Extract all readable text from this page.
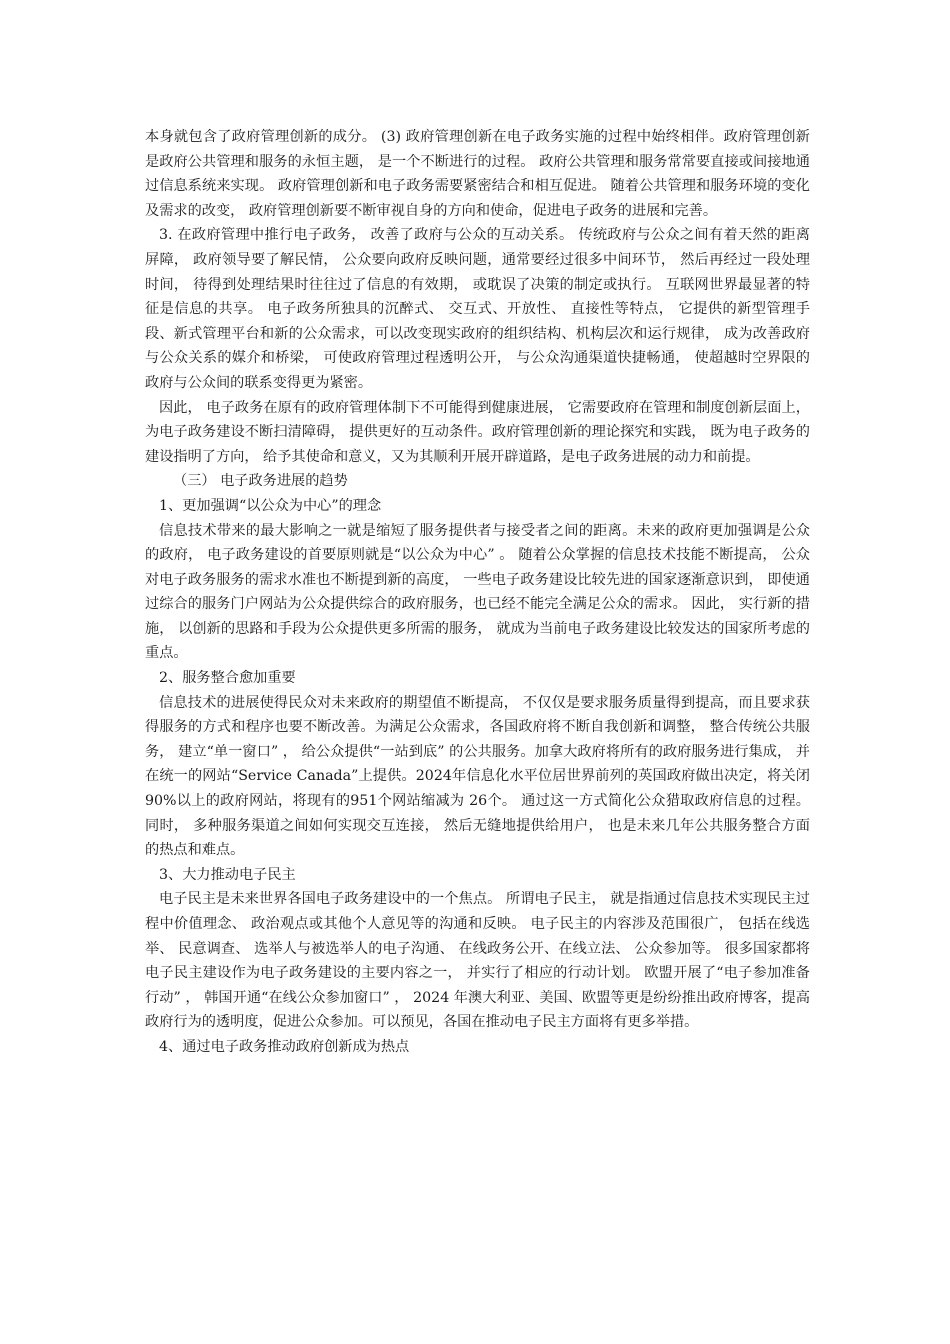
本身就包含了政府管理创新的成分。 (3) 政府管理创新在电子政务实施的过程中始终相伴。政府管理创新是政府公共管理和服务的永恒主题， 是一个不断进行的过程。 政府公共管理和服务常常要直接或间接地通过信息系统来实现。 政府管理创新和电子政务需要紧密结合和相互促进。 随着公共管理和服务环境的变化及需求的改变， 政府管理创新要不断审视自身的方向和使命，促进电子政务的进展和完善。

3. 在政府管理中推行电子政务， 改善了政府与公众的互动关系。 传统政府与公众之间有着天然的距离屏障， 政府领导要了解民情， 公众要向政府反映问题，通常要经过很多中间环节， 然后再经过一段处理时间， 待得到处理结果时往往过了信息的有效期， 或耽误了决策的制定或执行。 互联网世界最显著的特征是信息的共享。 电子政务所独具的沉醉式、 交互式、开放性、 直接性等特点， 它提供的新型管理手段、新式管理平台和新的公众需求，可以改变现实政府的组织结构、机构层次和运行规律， 成为改善政府与公众关系的媒介和桥梁， 可使政府管理过程透明公开， 与公众沟通渠道快捷畅通， 使超越时空界限的政府与公众间的联系变得更为紧密。

因此， 电子政务在原有的政府管理体制下不可能得到健康进展， 它需要政府在管理和制度创新层面上， 为电子政务建设不断扫清障碍， 提供更好的互动条件。政府管理创新的理论探究和实践， 既为电子政务的建设指明了方向， 给予其使命和意义，又为其顺利开展开辟道路，是电子政务进展的动力和前提。

（三） 电子政务进展的趋势

1、更加强调“以公众为中心”的理念

信息技术带来的最大影响之一就是缩短了服务提供者与接受者之间的距离。未来的政府更加强调是公众的政府， 电子政务建设的首要原则就是“以公众为中心” 。 随着公众掌握的信息技术技能不断提高， 公众对电子政务服务的需求水准也不断提到新的高度， 一些电子政务建设比较先进的国家逐渐意识到， 即使通过综合的服务门户网站为公众提供综合的政府服务，也已经不能完全满足公众的需求。 因此， 实行新的措施， 以创新的思路和手段为公众提供更多所需的服务， 就成为当前电子政务建设比较发达的国家所考虑的重点。

2、服务整合愈加重要

信息技术的进展使得民众对未来政府的期望值不断提高， 不仅仅是要求服务质量得到提高，而且要求获得服务的方式和程序也要不断改善。为满足公众需求，各国政府将不断自我创新和调整， 整合传统公共服务， 建立“单一窗口” ， 给公众提供“一站到底” 的公共服务。加拿大政府将所有的政府服务进行集成， 并在统一的网站“Service Canada”上提供。2024年信息化水平位居世界前列的英国政府做出决定，将关闭90%以上的政府网站，将现有的951个网站缩减为 26个。 通过这一方式简化公众猎取政府信息的过程。 同时， 多种服务渠道之间如何实现交互连接， 然后无缝地提供给用户， 也是未来几年公共服务整合方面的热点和难点。

3、大力推动电子民主

电子民主是未来世界各国电子政务建设中的一个焦点。 所谓电子民主， 就是指通过信息技术实现民主过程中价值理念、 政治观点或其他个人意见等的沟通和反映。 电子民主的内容涉及范围很广， 包括在线选举、 民意调查、 选举人与被选举人的电子沟通、 在线政务公开、在线立法、 公众参加等。 很多国家都将电子民主建设作为电子政务建设的主要内容之一， 并实行了相应的行动计划。 欧盟开展了“电子参加准备行动” ， 韩国开通“在线公众参加窗口” ， 2024 年澳大利亚、美国、欧盟等更是纷纷推出政府博客，提高政府行为的透明度，促进公众参加。可以预见，各国在推动电子民主方面将有更多举措。

4、通过电子政务推动政府创新成为热点
